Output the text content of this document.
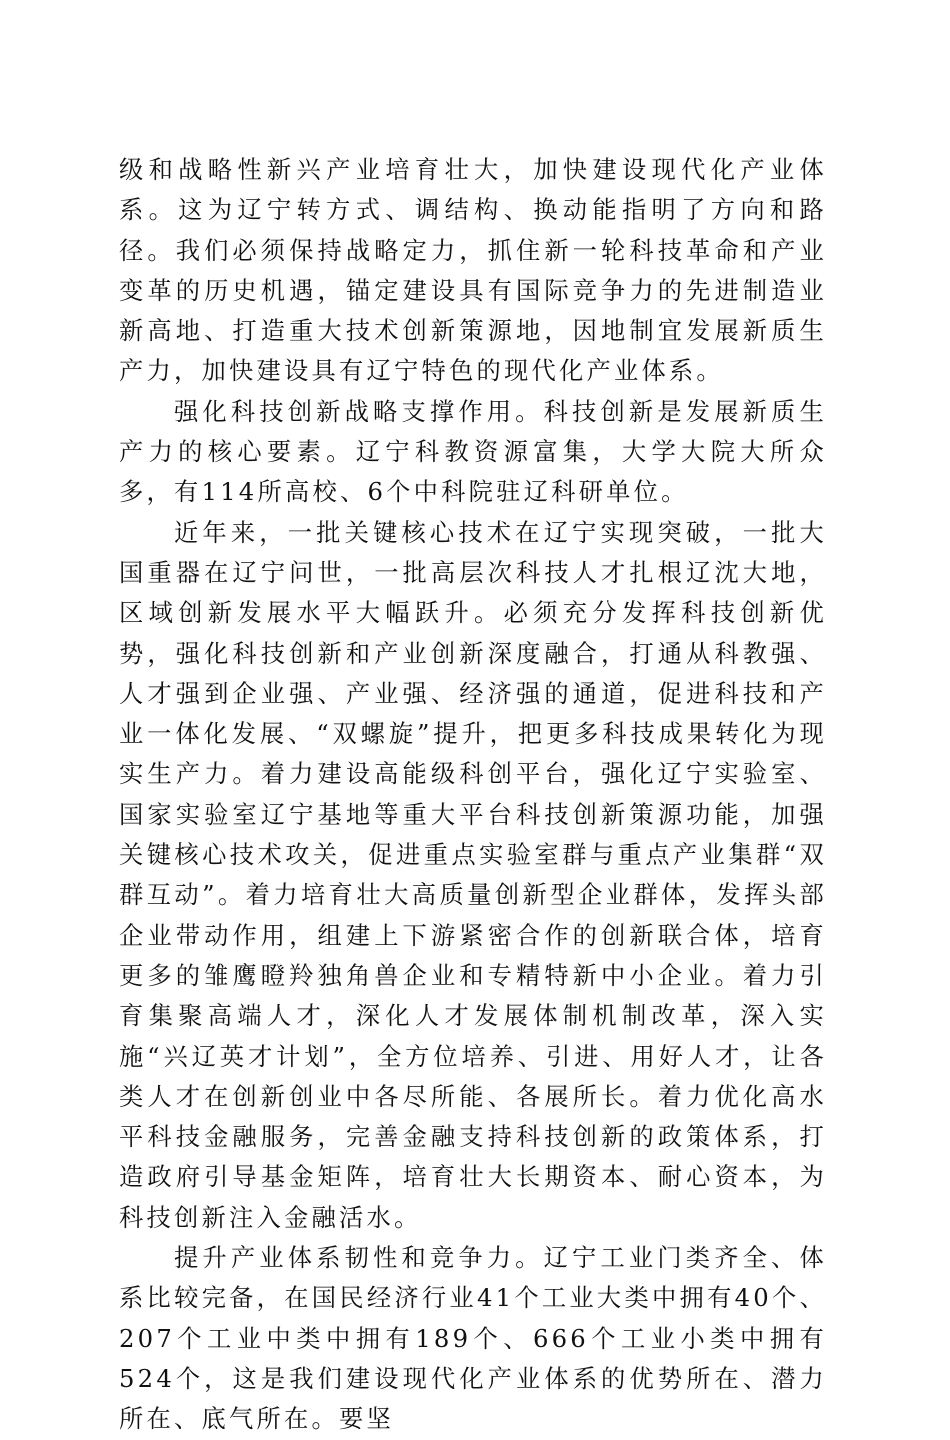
级和战略性新兴产业培育壮大，加快建设现代化产业体系。这为辽宁转方式、调结构、换动能指明了方向和路径。我们必须保持战略定力，抓住新一轮科技革命和产业变革的历史机遇，锚定建设具有国际竞争力的先进制造业新高地、打造重大技术创新策源地，因地制宜发展新质生产力，加快建设具有辽宁特色的现代化产业体系。

强化科技创新战略支撑作用。科技创新是发展新质生产力的核心要素。辽宁科教资源富集，大学大院大所众多，有114所高校、6个中科院驻辽科研单位。

近年来，一批关键核心技术在辽宁实现突破，一批大国重器在辽宁问世，一批高层次科技人才扎根辽沈大地，区域创新发展水平大幅跃升。必须充分发挥科技创新优势，强化科技创新和产业创新深度融合，打通从科教强、人才强到企业强、产业强、经济强的通道，促进科技和产业一体化发展、“双螺旋”提升，把更多科技成果转化为现实生产力。着力建设高能级科创平台，强化辽宁实验室、国家实验室辽宁基地等重大平台科技创新策源功能，加强关键核心技术攻关，促进重点实验室群与重点产业集群“双群互动”。着力培育壮大高质量创新型企业群体，发挥头部企业带动作用，组建上下游紧密合作的创新联合体，培育更多的雏鹰瞪羚独角兽企业和专精特新中小企业。着力引育集聚高端人才，深化人才发展体制机制改革，深入实施“兴辽英才计划”，全方位培养、引进、用好人才，让各类人才在创新创业中各尽所能、各展所长。着力优化高水平科技金融服务，完善金融支持科技创新的政策体系，打造政府引导基金矩阵，培育壮大长期资本、耐心资本，为科技创新注入金融活水。

提升产业体系韧性和竞争力。辽宁工业门类齐全、体系比较完备，在国民经济行业41个工业大类中拥有40个、207个工业中类中拥有189个、666个工业小类中拥有524个，这是我们建设现代化产业体系的优势所在、潜力所在、底气所在。要坚
